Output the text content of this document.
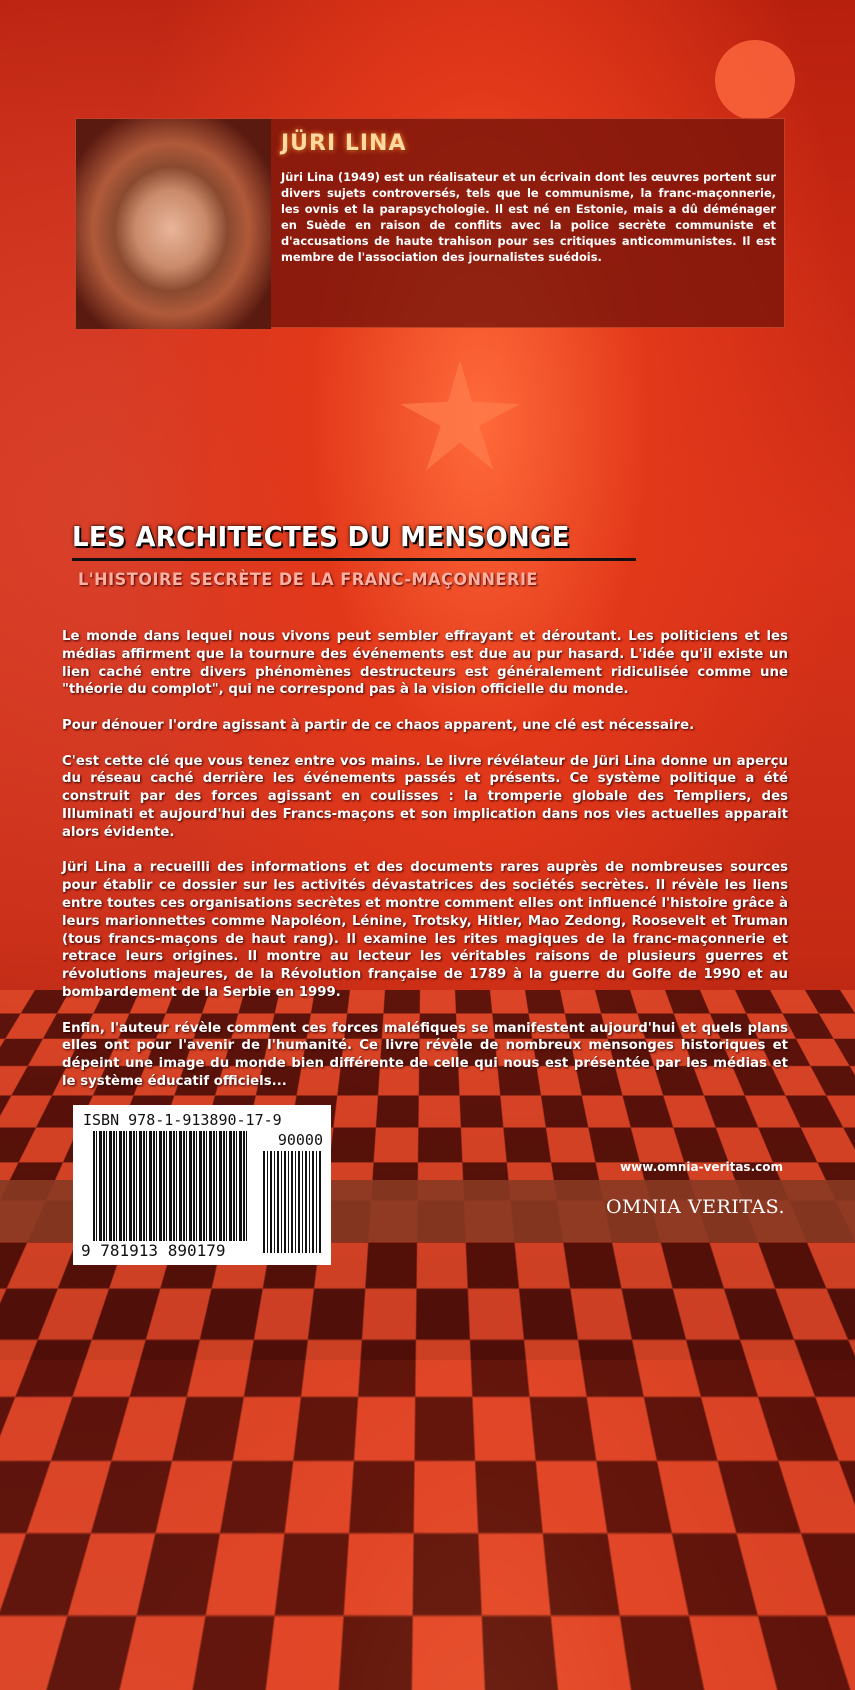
JÜRI LINA
Jüri Lina (1949) est un réalisateur et un écrivain dont les œuvres portent sur divers sujets controversés, tels que le communisme, la franc-maçonnerie, les ovnis et la parapsychologie. Il est né en Estonie, mais a dû déménager en Suède en raison de conflits avec la police secrète communiste et d'accusations de haute trahison pour ses critiques anticommunistes. Il est membre de l'association des journalistes suédois.
LES ARCHITECTES DU MENSONGE
L'HISTOIRE SECRÈTE DE LA FRANC-MAÇONNERIE

Le monde dans lequel nous vivons peut sembler effrayant et déroutant. Les politiciens et les médias affirment que la tournure des événements est due au pur hasard. L'idée qu'il existe un lien caché entre divers phénomènes destructeurs est généralement ridiculisée comme une "théorie du complot", qui ne correspond pas à la vision officielle du monde.

Pour dénouer l'ordre agissant à partir de ce chaos apparent, une clé est nécessaire.

C'est cette clé que vous tenez entre vos mains. Le livre révélateur de Jüri Lina donne un aperçu du réseau caché derrière les événements passés et présents. Ce système politique a été construit par des forces agissant en coulisses : la tromperie globale des Templiers, des Illuminati et aujourd'hui des Francs-maçons et son implication dans nos vies actuelles apparait alors évidente.

Jüri Lina a recueilli des informations et des documents rares auprès de nombreuses sources pour établir ce dossier sur les activités dévastatrices des sociétés secrètes. Il révèle les liens entre toutes ces organisations secrètes et montre comment elles ont influencé l'histoire grâce à leurs marionnettes comme Napoléon, Lénine, Trotsky, Hitler, Mao Zedong, Roosevelt et Truman (tous francs-maçons de haut rang). Il examine les rites magiques de la franc-maçonnerie et retrace leurs origines. Il montre au lecteur les véritables raisons de plusieurs guerres et révolutions majeures, de la Révolution française de 1789 à la guerre du Golfe de 1990 et au bombardement de la Serbie en 1999.

Enfin, l'auteur révèle comment ces forces maléfiques se manifestent aujourd'hui et quels plans elles ont pour l'avenir de l'humanité. Ce livre révèle de nombreux mensonges historiques et dépeint une image du monde bien différente de celle qui nous est présentée par les médias et le système éducatif officiels...

ISBN 978-1-913890-17-9
90000
9 781913 890179
www.omnia-veritas.com
OMNIA VERITAS.
